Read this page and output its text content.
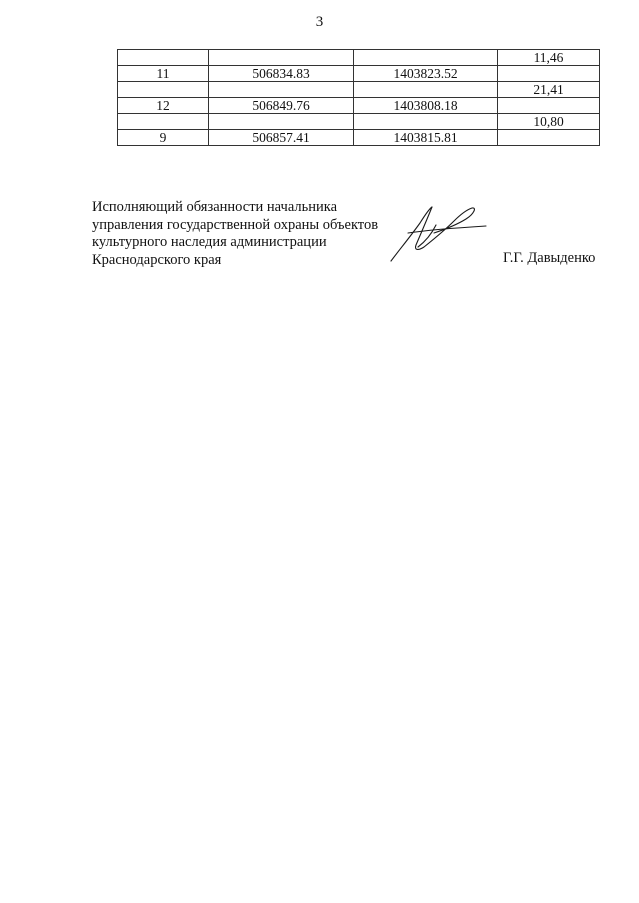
3
			11,46
11	506834.83	1403823.52	
			21,41
12	506849.76	1403808.18	
			10,80
9	506857.41	1403815.81	
Исполняющий обязанности начальника
управления государственной охраны объектов
культурного наследия администрации
Краснодарского края	Г.Г. Давыденко
